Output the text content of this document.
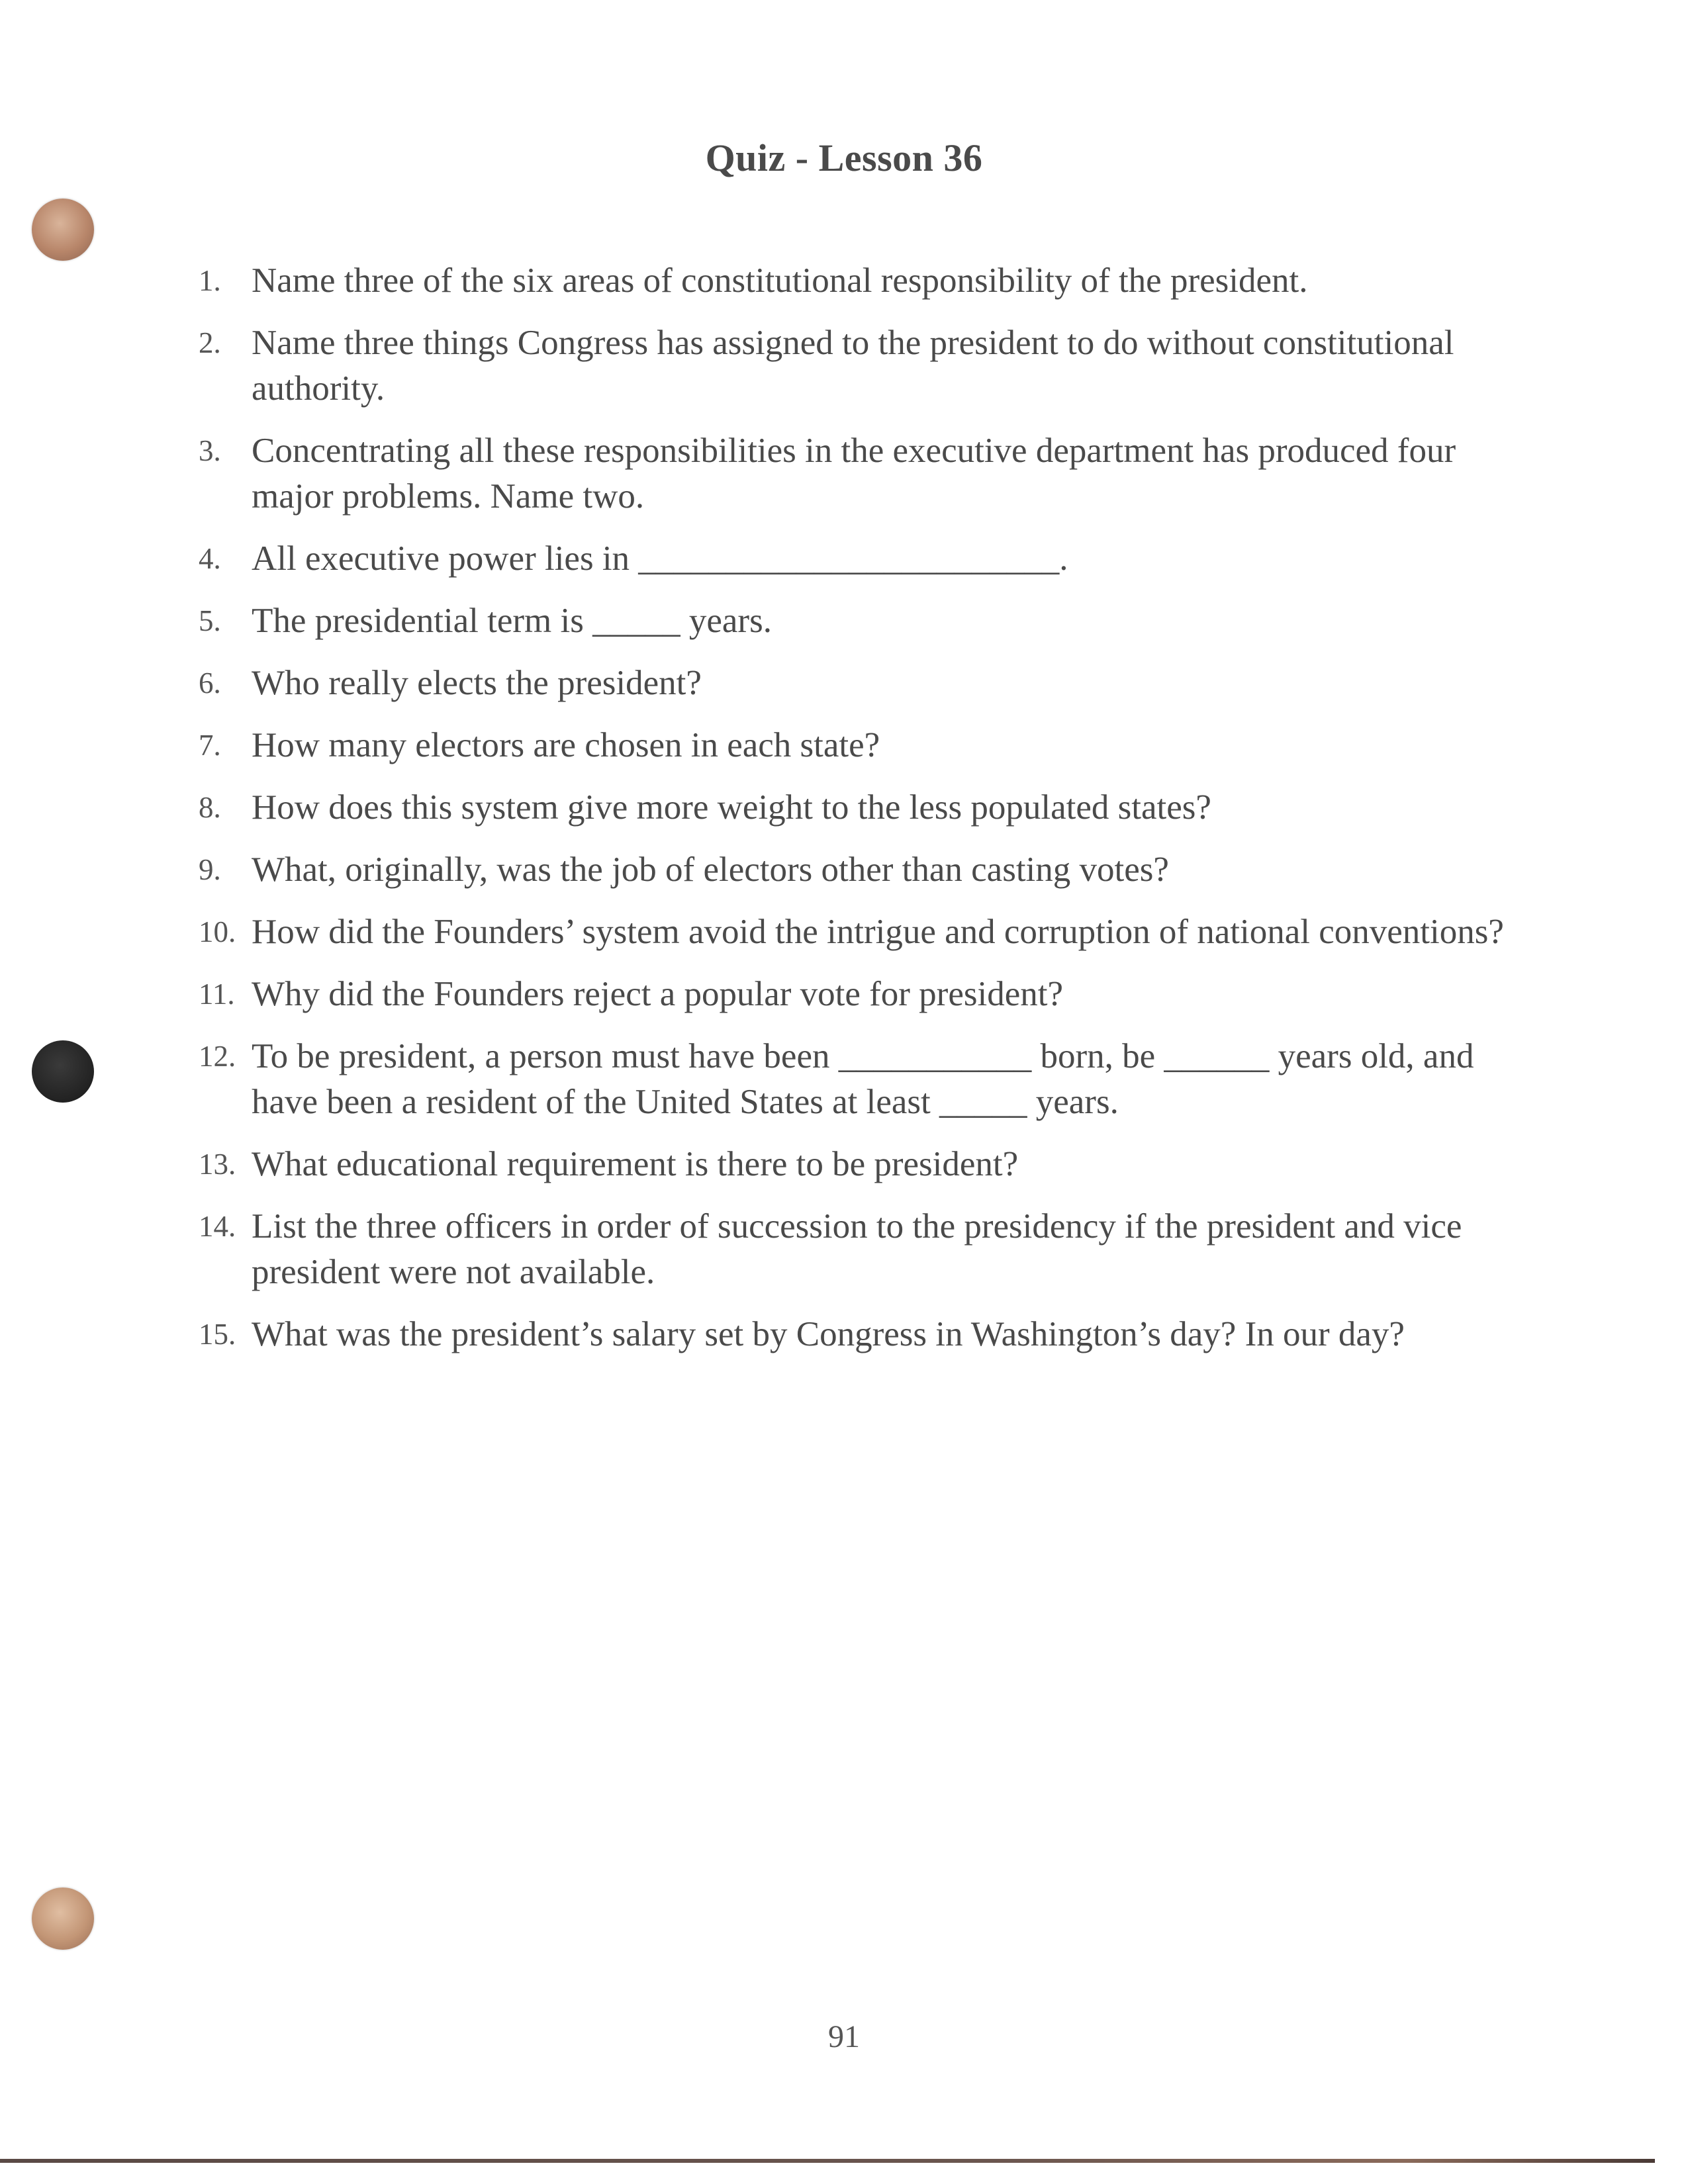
Quiz - Lesson 36
1. Name three of the six areas of constitutional responsibility of the president.
2. Name three things Congress has assigned to the president to do without constitutional authority.
3. Concentrating all these responsibilities in the executive department has produced four major problems. Name two.
4. All executive power lies in ________________________.
5. The presidential term is _____ years.
6. Who really elects the president?
7. How many electors are chosen in each state?
8. How does this system give more weight to the less populated states?
9. What, originally, was the job of electors other than casting votes?
10. How did the Founders’ system avoid the intrigue and corruption of national conventions?
11. Why did the Founders reject a popular vote for president?
12. To be president, a person must have been ___________ born, be ______ years old, and have been a resident of the United States at least _____ years.
13. What educational requirement is there to be president?
14. List the three officers in order of succession to the presidency if the president and vice president were not available.
15. What was the president’s salary set by Congress in Washington’s day? In our day?
91
